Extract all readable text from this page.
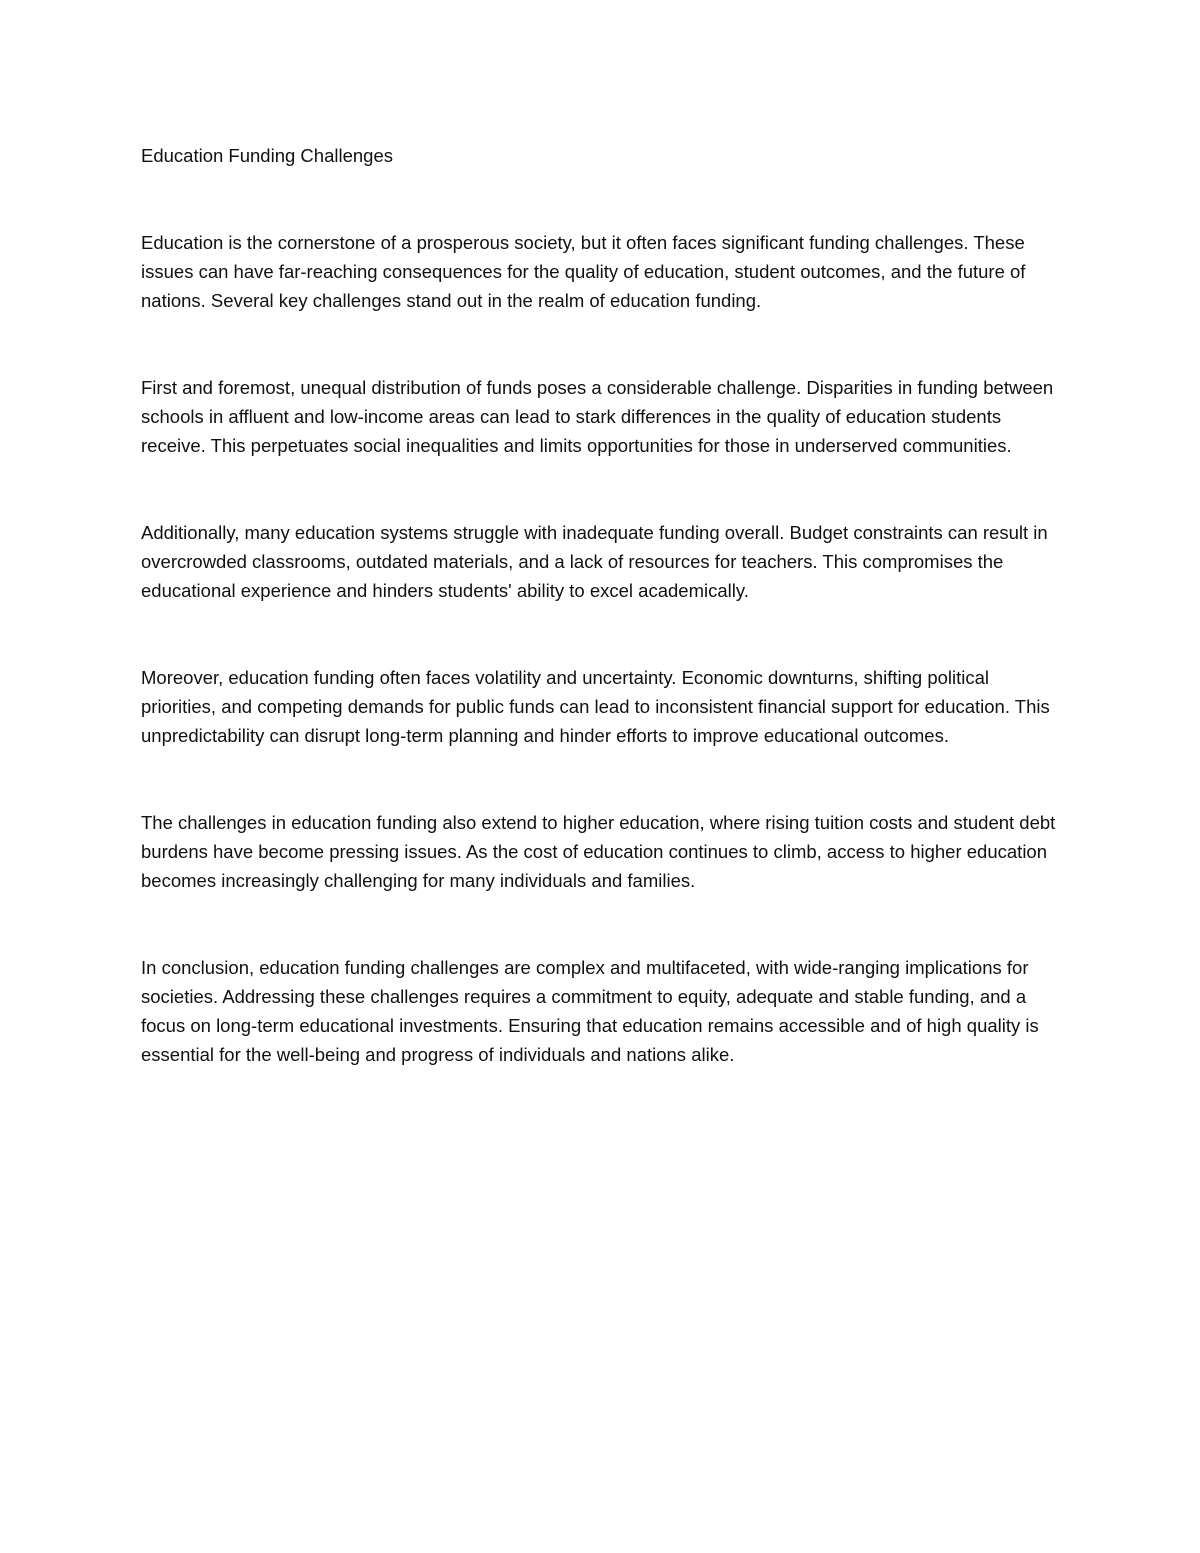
Education Funding Challenges

Education is the cornerstone of a prosperous society, but it often faces significant funding challenges. These issues can have far-reaching consequences for the quality of education, student outcomes, and the future of nations. Several key challenges stand out in the realm of education funding.

First and foremost, unequal distribution of funds poses a considerable challenge. Disparities in funding between schools in affluent and low-income areas can lead to stark differences in the quality of education students receive. This perpetuates social inequalities and limits opportunities for those in underserved communities.

Additionally, many education systems struggle with inadequate funding overall. Budget constraints can result in overcrowded classrooms, outdated materials, and a lack of resources for teachers. This compromises the educational experience and hinders students' ability to excel academically.

Moreover, education funding often faces volatility and uncertainty. Economic downturns, shifting political priorities, and competing demands for public funds can lead to inconsistent financial support for education. This unpredictability can disrupt long-term planning and hinder efforts to improve educational outcomes.

The challenges in education funding also extend to higher education, where rising tuition costs and student debt burdens have become pressing issues. As the cost of education continues to climb, access to higher education becomes increasingly challenging for many individuals and families.

In conclusion, education funding challenges are complex and multifaceted, with wide-ranging implications for societies. Addressing these challenges requires a commitment to equity, adequate and stable funding, and a focus on long-term educational investments. Ensuring that education remains accessible and of high quality is essential for the well-being and progress of individuals and nations alike.
